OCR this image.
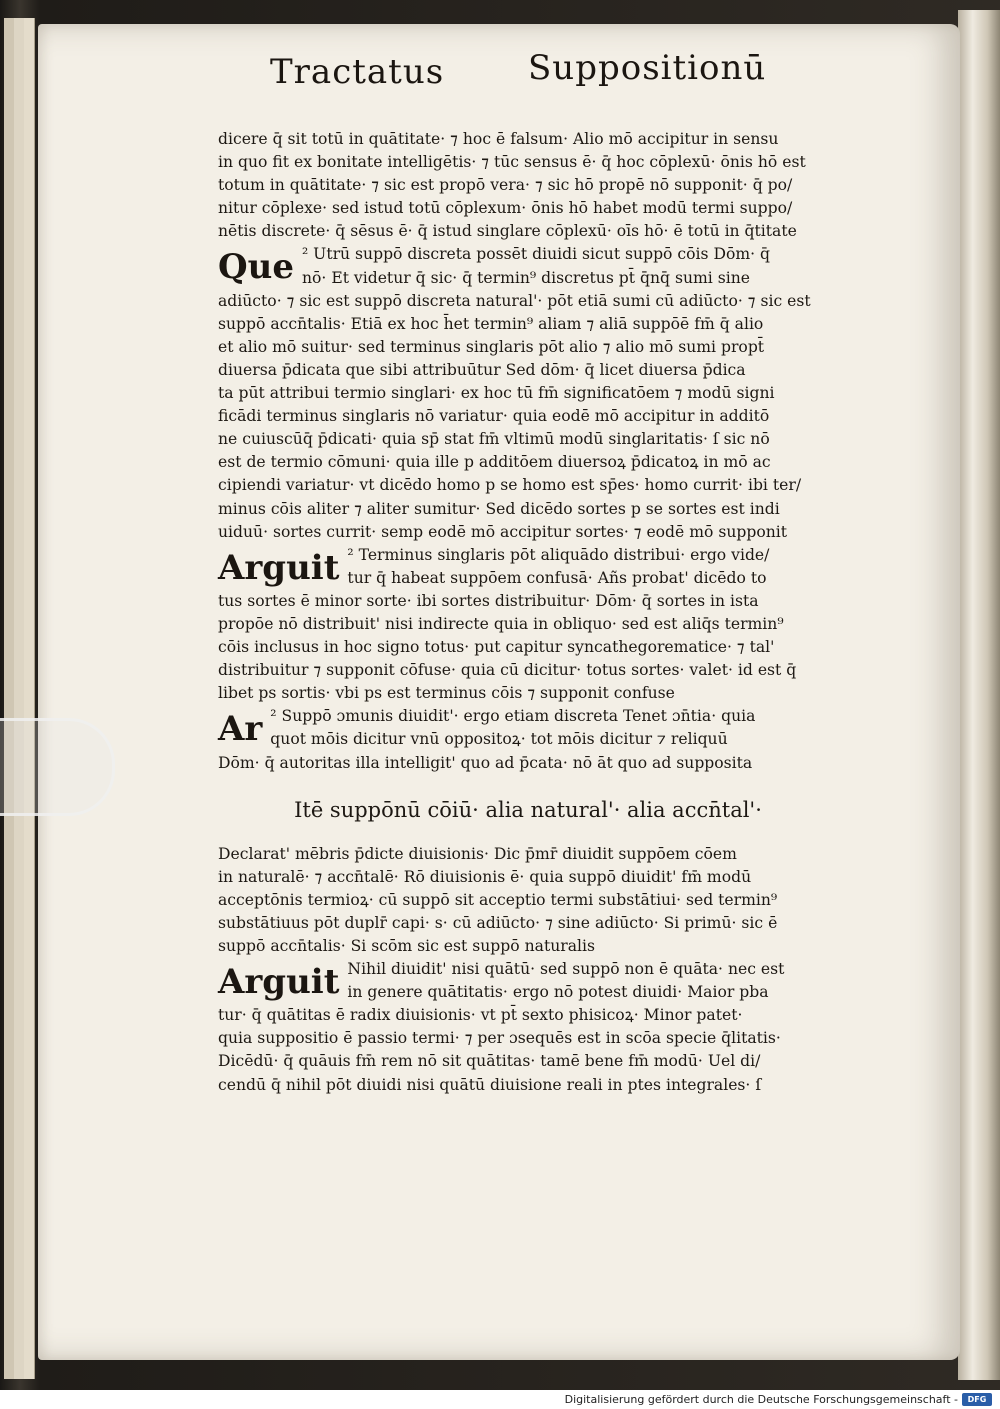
Tractatus Suppositionū
dicere q̄ sit totū in quātitate· ⁊ hoc ē falsum· Alio mō accipitur in sensu
in quo fit ex bonitate intelligētis· ⁊ tūc sensus ē· q̄ hoc cōplexū· ōnis hō est
totum in quātitate· ⁊ sic est propō vera· ⁊ sic hō propē nō supponit· q̄ po/
nitur cōplexe· sed istud totū cōplexum· ōnis hō habet modū termi suppo/
nētis discrete· q̄ sēsus ē· q̄ istud singlare cōplexū· oīs hō· ē totū in q̄titate
Que ² Utrū suppō discreta possēt diuidi sicut suppō cōis Dōm· q̄
nō· Et videtur q̄ sic· q̄ termin⁹ discretus pt̄ q̄nq̄ sumi sine
adiūcto· ⁊ sic est suppō discreta natural'· pōt etiā sumi cū adiūcto· ⁊ sic est
suppō accn̄talis· Etiā ex hoc h̄et termin⁹ aliam ⁊ aliā suppōē fm̄ q̄ alio
et alio mō suitur· sed terminus singlaris pōt alio ⁊ alio mō sumi propt̄
diuersa p̄dicata que sibi attribuūtur Sed dōm· q̄ licet diuersa p̄dica
ta pūt attribui termio singlari· ex hoc tū fm̄ significatōem ⁊ modū signi
ficādi terminus singlaris nō variatur· quia eodē mō accipitur in additō
ne cuiuscūq̄ p̄dicati· quia sp̄ stat fm̄ vltimū modū singlaritatis· ſ sic nō
est de termio cōmuni· quia ille p additōem diuersoꝝ p̄dicatoꝝ in mō ac
cipiendi variatur· vt dicēdo homo p se homo est sp̄es· homo currit· ibi ter/
minus cōis aliter ⁊ aliter sumitur· Sed dicēdo sortes p se sortes est indi
uiduū· sortes currit· semp eodē mō accipitur sortes· ⁊ eodē mō supponit
Arguit ² Terminus singlaris pōt aliquādo distribui· ergo vide/
tur q̄ habeat suppōem confusā· Añs probat' dicēdo to
tus sortes ē minor sorte· ibi sortes distribuitur· Dōm· q̄ sortes in ista
propōe nō distribuit' nisi indirecte quia in obliquo· sed est aliq̄s termin⁹
cōis inclusus in hoc signo totus· put capitur syncathegorematice· ⁊ tal'
distribuitur ⁊ supponit cōfuse· quia cū dicitur· totus sortes· valet· id est q̄
libet ps sortis· vbi ps est terminus cōis ⁊ supponit confuse
Ar ² Suppō ɔmunis diuidit'· ergo etiam discreta Tenet ɔn̄tia· quia
quot mōis dicitur vnū oppositoꝝ· tot mōis dicitur ⁊ reliquū
Dōm· q̄ autoritas illa intelligit' quo ad p̄cata· nō āt quo ad supposita
Itē suppōnū cōiū· alia natural'· alia accn̄tal'·
Declarat' mēbris p̄dicte diuisionis· Dic p̄mr̄ diuidit suppōem cōem
in naturalē· ⁊ accn̄talē· Rō diuisionis ē· quia suppō diuidit' fm̄ modū
acceptōnis termioꝝ· cū suppō sit acceptio termi substātiui· sed termin⁹
substātiuus pōt duplr̄ capi· s· cū adiūcto· ⁊ sine adiūcto· Si primū· sic ē
suppō accn̄talis· Si scōm sic est suppō naturalis
Arguit Nihil diuidit' nisi quātū· sed suppō non ē quāta· nec est
in genere quātitatis· ergo nō potest diuidi· Maior pba
tur· q̄ quātitas ē radix diuisionis· vt pt̄ sexto phisicoꝝ· Minor patet·
quia suppositio ē passio termi· ⁊ per ɔsequēs est in scōa specie q̄litatis·
Dicēdū· q̄ quāuis fm̄ rem nō sit quātitas· tamē bene fm̄ modū· Uel di/
cendū q̄ nihil pōt diuidi nisi quātū diuisione reali in ptes integrales· ſ
Digitalisierung gefördert durch die Deutsche Forschungsgemeinschaft -	DFG
